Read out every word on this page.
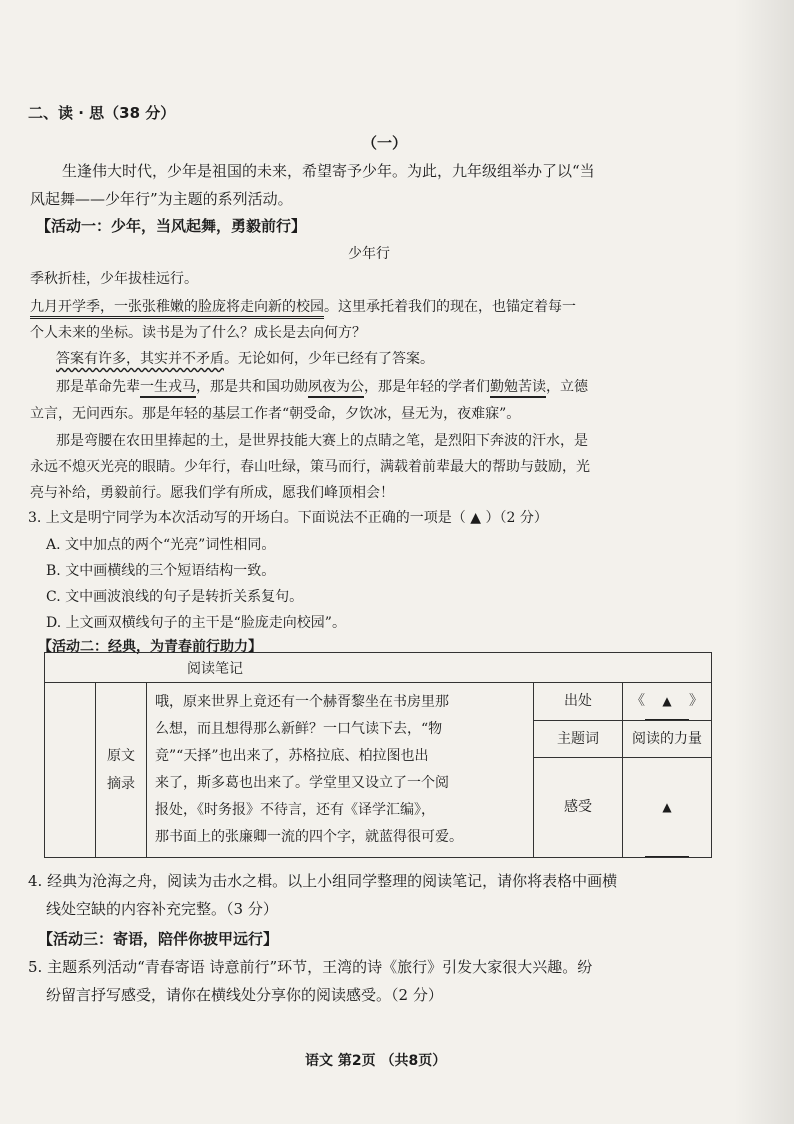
二、读 · 思（38 分）
（一）
生逢伟大时代，少年是祖国的未来，希望寄予少年。为此，九年级组举办了以“当
风起舞——少年行”为主题的系列活动。
【活动一：少年，当风起舞，勇毅前行】
少年行
季秋折桂，少年拔桂远行。
九月开学季，一张张稚嫩的脸庞将走向新的校园。这里承托着我们的现在，也锚定着每一
个人未来的坐标。读书是为了什么？成长是去向何方？
答案有许多，其实并不矛盾。无论如何，少年已经有了答案。
那是革命先辈一生戎马，那是共和国功勋夙夜为公，那是年轻的学者们勤勉苦读，立德
立言，无问西东。那是年轻的基层工作者“朝受命，夕饮冰，昼无为，夜难寐”。
那是弯腰在农田里捧起的土，是世界技能大赛上的点睛之笔，是烈阳下奔波的汗水，是
永远不熄灭光亮的眼睛。少年行，春山吐绿，策马而行，满载着前辈最大的帮助与鼓励，光
亮与补给，勇毅前行。愿我们学有所成，愿我们峰顶相会！
3. 上文是明宁同学为本次活动写的开场白。下面说法不正确的一项是（ ▲ ）（2 分）
A. 文中加点的两个“光亮”词性相同。
B. 文中画横线的三个短语结构一致。
C. 文中画波浪线的句子是转折关系复句。
D. 上文画双横线句子的主干是“脸庞走向校园”。
【活动二：经典，为青春前行助力】
阅读笔记

原文
摘录

哦，原来世界上竟还有一个赫胥黎坐在书房里那
么想，而且想得那么新鲜？一口气读下去，“物
竞”“天择”也出来了，苏格拉底、柏拉图也出
来了，斯多葛也出来了。学堂里又设立了一个阅
报处，《时务报》不待言，还有《译学汇编》，
那书面上的张廉卿一流的四个字，就蓝得很可爱。

出处	《 ▲ 》

主题词	阅读的力量

感受	▲
4. 经典为沧海之舟，阅读为击水之楫。以上小组同学整理的阅读笔记，请你将表格中画横
线处空缺的内容补充完整。（3 分）
【活动三：寄语，陪伴你披甲远行】
5. 主题系列活动“青春寄语 诗意前行”环节，王湾的诗《旅行》引发大家很大兴趣。纷
纷留言抒写感受，请你在横线处分享你的阅读感受。（2 分）
语文 第2页 （共8页）
